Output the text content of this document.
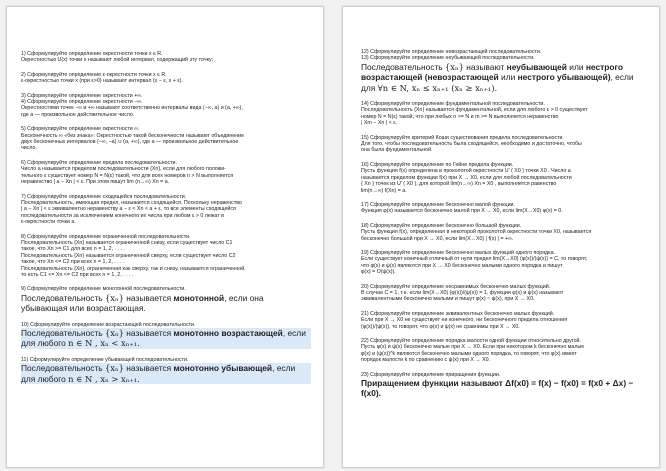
1) Сформулируйте определение окрестности точки x є R.

Окрестностью U(x) точки x называют любой интервал, содержащий эту точку;

2) Сформулируйте определение ε-окрестности точки x є R.

ε-окрестностью точки x (при ε>0) называют интервал (x − ε, x + ε).

3) Сформулируйте определение окрестности +∞.

4) Сформулируйте определение окрестности −∞.

Окрестностями точек −∞ и +∞ называют соответственно интервалы вида (−∞, a) и (a, +∞),

где a — произвольное действительное число.

5) Сформулируйте определение окрестности ∞.

Бесконечность ∞ «без знака»: Окрестностью такой бесконечности называют объединение

двух бесконечных интервалов (−∞, −a) ∪ (a, +∞), где a — произвольное действительное

число.

6) Сформулируйте определение предела последовательности.

Число a называется пределом последовательности {Xn}, если для любого положи-

тельного ε существует номер N = N(ε) такой, что для всех номеров n > N выполняется

неравенство | a − Xn | < ε. При этом пишут lim (n→∞) Xn = a.

7) Сформулируйте определение сходящейся последовательности.

Последовательность, имеющая предел, называется сходящейся. Поскольку неравенство

| a − Xn | < ε эквивалентно неравенству a − ε < Xn < a + ε, то все элементы сходящейся

последовательности за исключением конечного их числа при любом ε > 0 лежат в

ε-окрестности точки a.

8) Сформулируйте определение ограниченной последовательности.

Последовательность {Xn} называется ограниченной снизу, если существует число C1

такое, что Xn >= C1 для всех n = 1, 2, . . . .

Последовательность {Xn} называется ограниченной сверху, если существует число C2

такое, что Xn <= C2 при всех n = 1, 2, . . . .

Последовательность {Xn}, ограниченная как сверху, так и снизу, называется ограниченной,

то есть C1 <= Xn <= C2 при всех n = 1, 2, . . . .

9) Сформулируйте определение монотонной последовательности.

Последовательность {xₙ} называется монотонной, если она убывающая или возрастающая.

10) Сформулируйте определение возрастающей последовательности.

Последовательность {xₙ} называется монотонно возрастающей, если для любого n ∈ N , xₙ < xₙ₊₁.

11) Сформулируйте определение убывающей последовательности.

Последовательность {xₙ} называется монотонно убывающей, если для любого n ∈ N , xₙ > xₙ₊₁.

12) Сформулируйте определение невозрастающей последовательности.

13) Сформулируйте определение неубывающей последовательности.

Последовательность {xₙ} называют неубывающей или нестрого возрастающей (невозрастающей или нестрого убывающей), если для ∀n ∈ N, xₙ ≤ xₙ₊₁ (xₙ ≥ xₙ₊₁).

14) Сформулируйте определение фундаментальной последовательности.

Последовательность {Xn} называется фундаментальной, если для любого ε > 0 существует

номер N = N(ε) такой, что при любых n >= N и m >= N выполняется неравенство

| Xm − Xn | < ε.

15) Сформулируйте критерий Коши существования предела последовательности.

Для того, чтобы последовательность была сходящейся, необходимо и достаточно, чтобы

она была фундаментальной.

16) Сформулируйте определение по Гейне предела функции.

Пусть функция f(x) определена в проколотой окрестности U' ( X0 ) точки X0 . Число a

называется пределом функции f(x) при X → X0, если для любой последовательности

{ Xn } точек из U' ( X0 ), для которой lim(n→∞) Xn = X0 , выполняется равенство

lim(n→∞) f(Xn) = a.

17) Сформулируйте определение бесконечно малой функции.

Функция φ(x) называется бесконечно малой при X → X0, если lim(X→X0) φ(x) = 0.

18) Сформулируйте определение бесконечно большой функции.

Пусть функция f(x), определенная в некоторой проколотой окрестности точки X0, называется

бесконечно большой при X → X0, если lim(X→X0) | f(x) | = +∞.

19) Сформулируйте определение бесконечно малых функций одного порядка.

Если существует конечный отличный от нуля предел lim(X→X0) (φ(x))/(ψ(x)) = C, то говорят,

что φ(x) и ψ(x) являются при X → X0 бесконечно малыми одного порядка и пишут

φ(x) = O(ψ(x)).

20) Сформулируйте определение несравнимых бесконечно малых функций.

В случае C = 1, т.е. если lim(X→X0) (φ(x))/(ψ(x)) = 1, функции φ(x) и ψ(x) называют

эквивалентными бесконечно малыми и пишут φ(x) ~ ψ(x), при X → X0.

21) Сформулируйте определение эквивалентных бесконечно малых функций.

Если при X → X0 не существует ни конечного, ни бесконечного предела отношения

(φ(x))/(ψ(x)), то говорят, что φ(x) и ψ(x) не сравнимы при X → X0.

22) Сформулируйте определение порядка малости одной функции относительно другой.

Пусть φ(x) и ψ(x) бесконечно малые при X → X0. Если при некотором k бесконечно малые

φ(x) и (ψ(x))^k являются бесконечно малыми одного порядка, то говорят, что φ(x) имеет

порядок малости k по сравнению с ψ(x) при X → X0.

23) Сформулируйте определение приращения функции.

Приращением функции называют Δf(x0) = f(x) − f(x0) = f(x0 + Δx) − f(x0).
